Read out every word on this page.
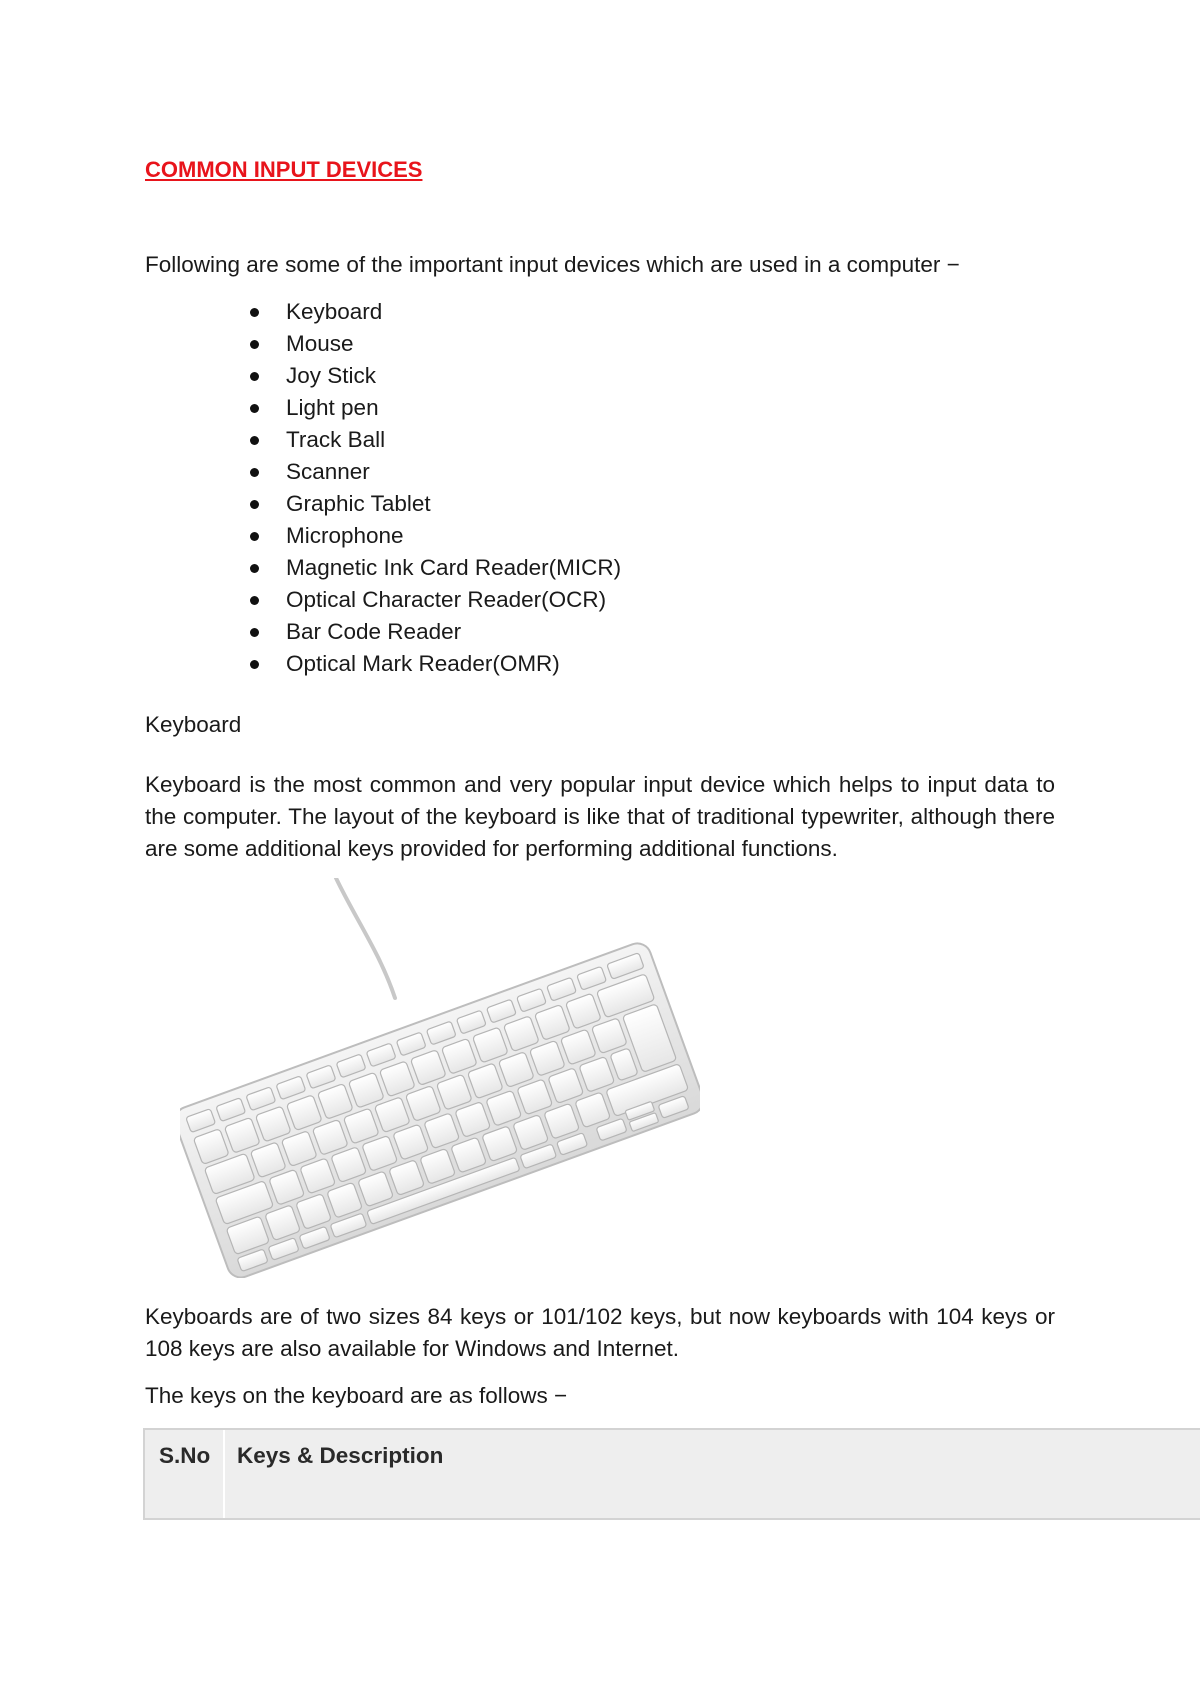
COMMON INPUT DEVICES
Following are some of the important input devices which are used in a computer −
Keyboard
Mouse
Joy Stick
Light pen
Track Ball
Scanner
Graphic Tablet
Microphone
Magnetic Ink Card Reader(MICR)
Optical Character Reader(OCR)
Bar Code Reader
Optical Mark Reader(OMR)
Keyboard
Keyboard is the most common and very popular input device which helps to input data to the computer. The layout of the keyboard is like that of traditional typewriter, although there are some additional keys provided for performing additional functions.
Keyboards are of two sizes 84 keys or 101/102 keys, but now keyboards with 104 keys or 108 keys are also available for Windows and Internet.
The keys on the keyboard are as follows −
S.No	Keys & Description
